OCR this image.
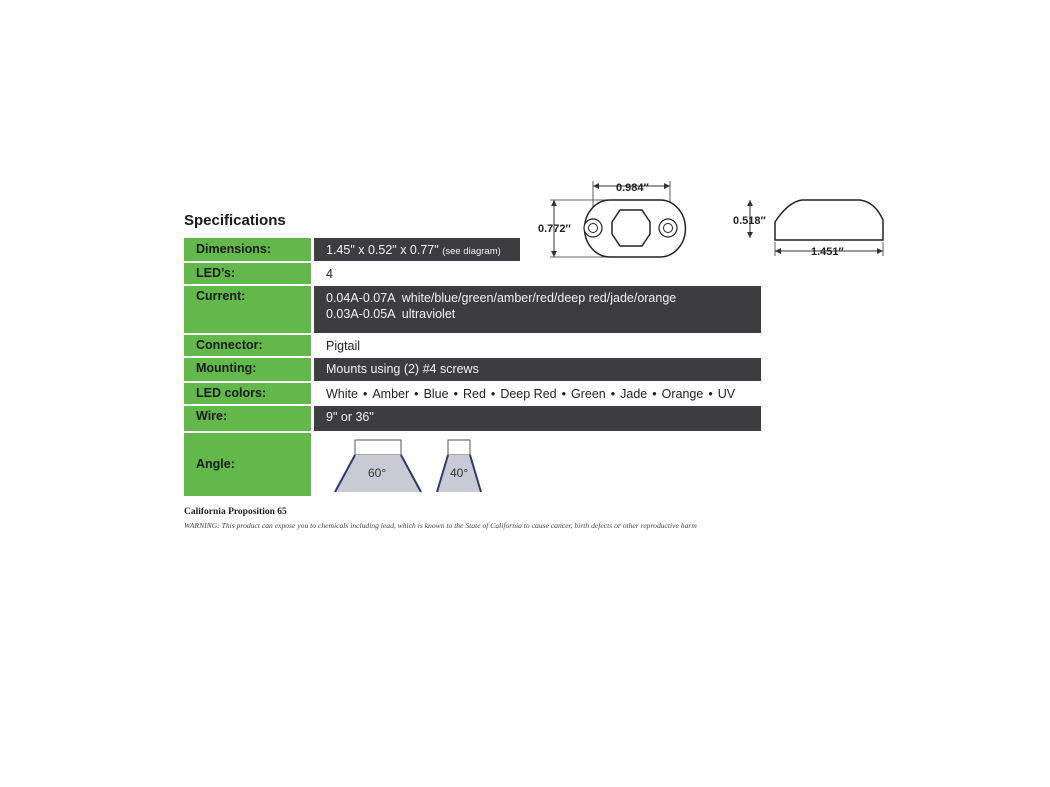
Specifications
0.984″
0.772″
0.518″
1.451″
Dimensions:	1.45" x 0.52" x 0.77" (see diagram)
LED’s:	4
Current:	0.04A-0.07A  white/blue/green/amber/red/deep red/jade/orange
0.03A-0.05A  ultraviolet
Connector:	Pigtail
Mounting:	Mounts using (2) #4 screws
LED colors:	White • Amber • Blue • Red • Deep Red • Green • Jade • Orange • UV
Wire:	9" or 36"
Angle:
60°	40°
California Proposition 65
WARNING: This product can expose you to chemicals including lead, which is known to the State of California to cause cancer, birth defects or other reproductive harm
